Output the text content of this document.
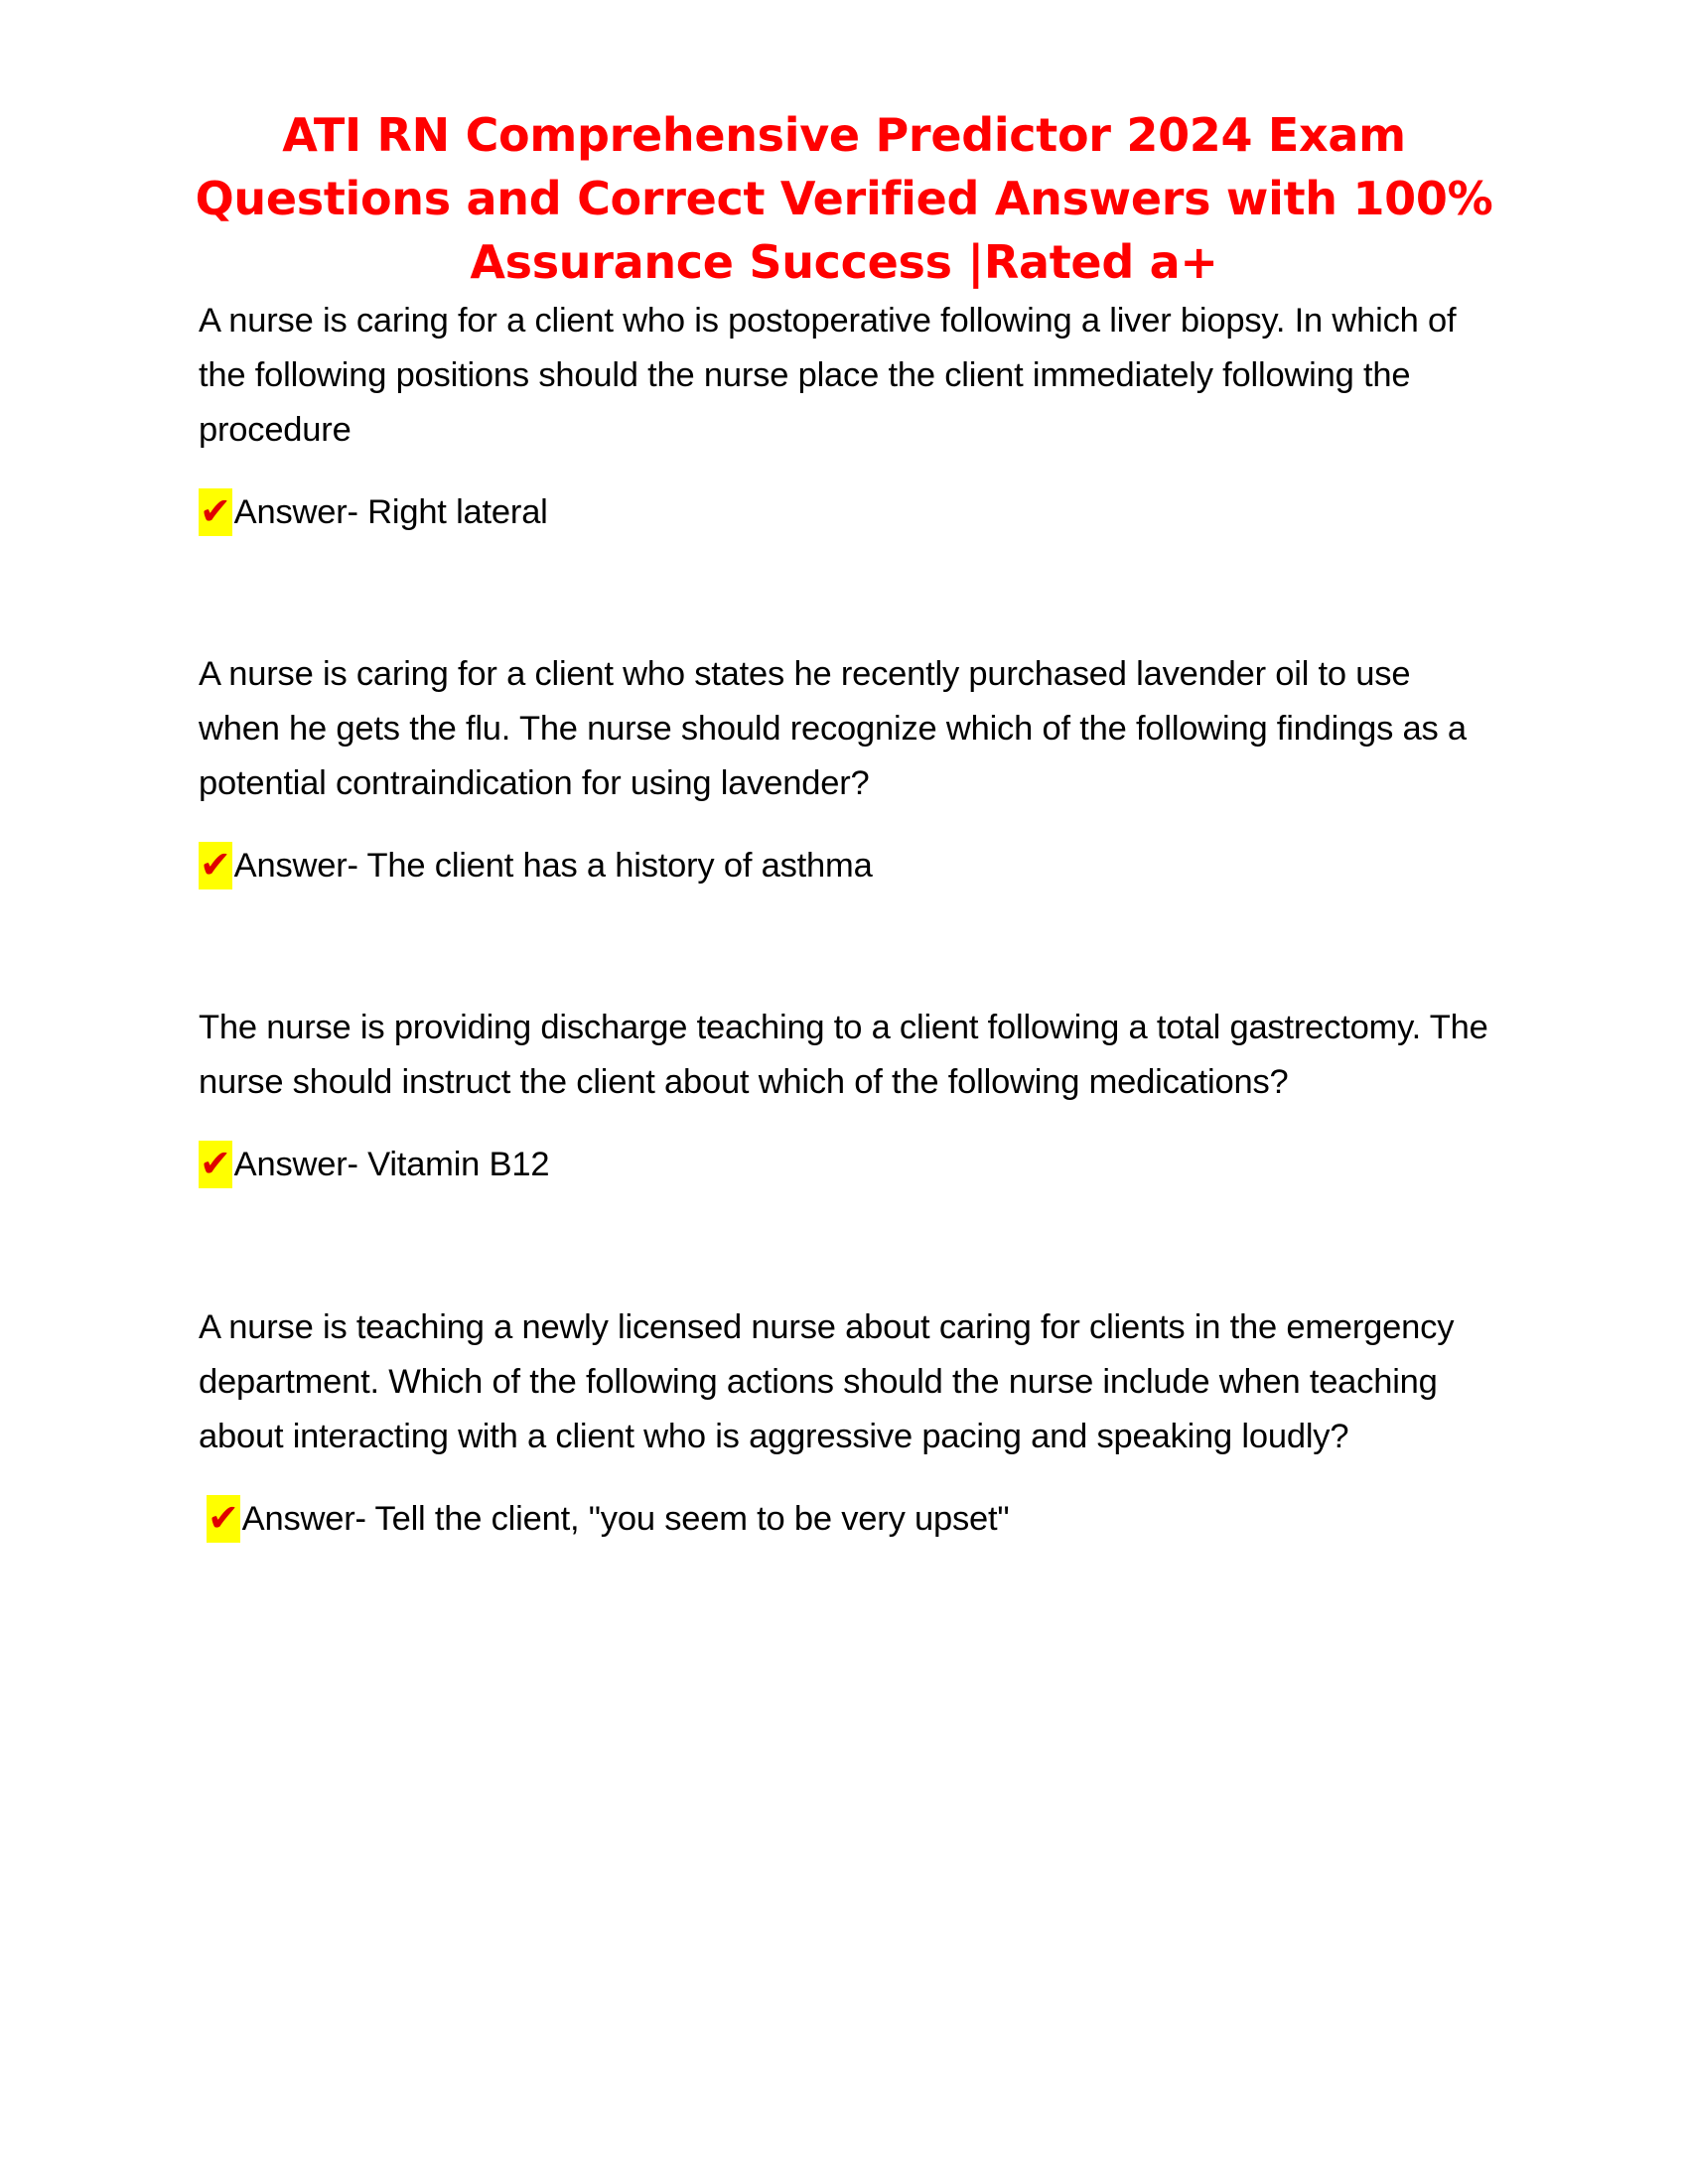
ATI RN Comprehensive Predictor 2024 Exam Questions and Correct Verified Answers with 100% Assurance Success |Rated a+

A nurse is caring for a client who is postoperative following a liver biopsy. In which of the following positions should the nurse place the client immediately following the procedure

✔ Answer- Right lateral

A nurse is caring for a client who states he recently purchased lavender oil to use when he gets the flu. The nurse should recognize which of the following findings as a potential contraindication for using lavender?

✔ Answer- The client has a history of asthma

The nurse is providing discharge teaching to a client following a total gastrectomy. The nurse should instruct the client about which of the following medications?

✔ Answer- Vitamin B12

A nurse is teaching a newly licensed nurse about caring for clients in the emergency department. Which of the following actions should the nurse include when teaching about interacting with a client who is aggressive pacing and speaking loudly?

✔ Answer- Tell the client, "you seem to be very upset"
